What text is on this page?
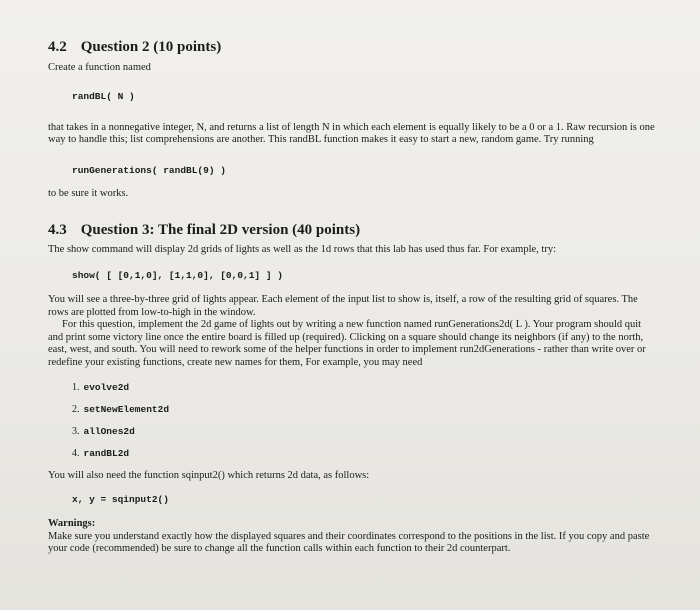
4.2 Question 2 (10 points)

Create a function named

randBL( N )

that takes in a nonnegative integer, N, and returns a list of length N in which each element is equally likely to be a 0 or a 1. Raw recursion is one way to handle this; list comprehensions are another. This randBL function makes it easy to start a new, random game. Try running

runGenerations( randBL(9) )

to be sure it works.

4.3 Question 3: The final 2D version (40 points)

The show command will display 2d grids of lights as well as the 1d rows that this lab has used thus far. For example, try:

show( [ [0,1,0], [1,1,0], [0,0,1] ] )

You will see a three-by-three grid of lights appear. Each element of the input list to show is, itself, a row of the resulting grid of squares. The rows are plotted from low-to-high in the window.

For this question, implement the 2d game of lights out by writing a new function named runGenerations2d( L ). Your program should quit and print some victory line once the entire board is filled up (required). Clicking on a square should change its neighbors (if any) to the north, east, west, and south. You will need to rework some of the helper functions in order to implement run2dGenerations - rather than write over or redefine your existing functions, create new names for them, For example, you may need

1. evolve2d
2. setNewElement2d
3. allOnes2d
4. randBL2d

You will also need the function sqinput2() which returns 2d data, as follows:

x, y = sqinput2()

Warnings:

Make sure you understand exactly how the displayed squares and their coordinates correspond to the positions in the list. If you copy and paste your code (recommended) be sure to change all the function calls within each function to their 2d counterpart.
